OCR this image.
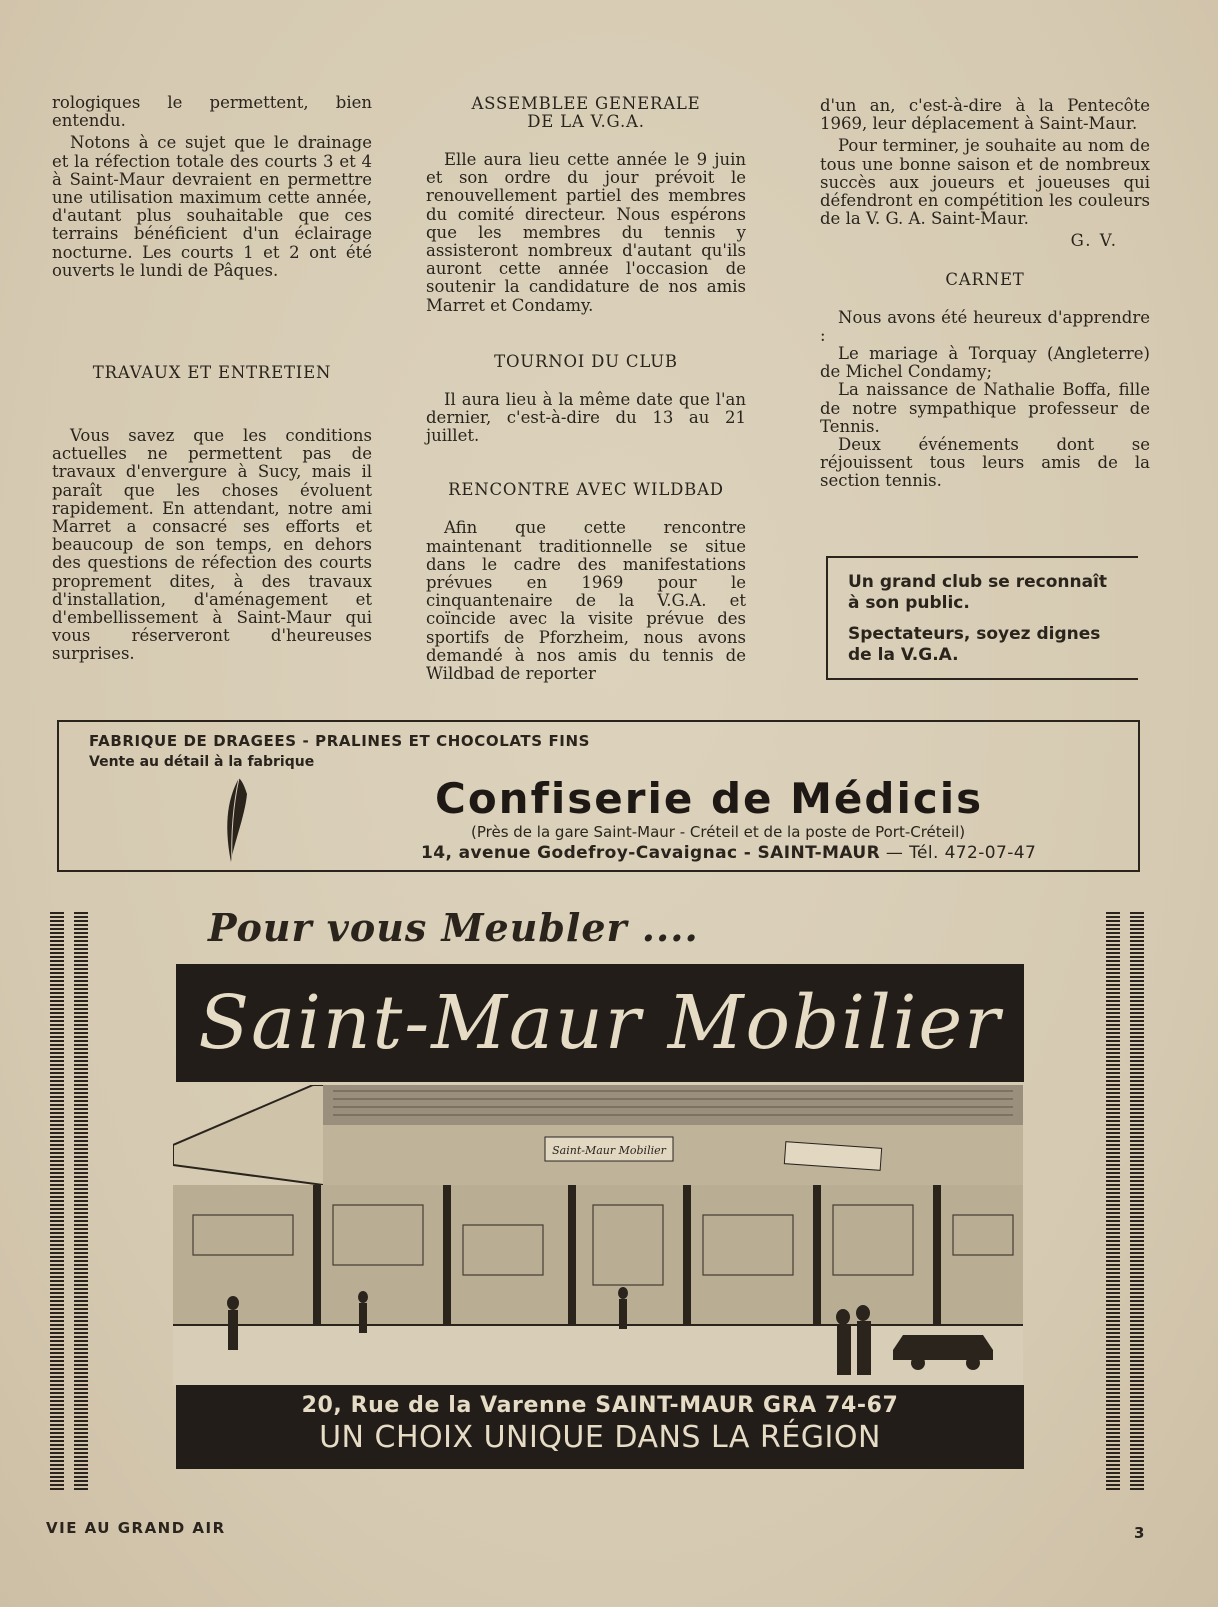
rologiques le permettent, bien entendu.

Notons à ce sujet que le drainage et la réfection totale des courts 3 et 4 à Saint-Maur devraient en permettre une utilisation maximum cette année, d'autant plus souhaitable que ces terrains bénéficient d'un éclairage nocturne. Les courts 1 et 2 ont été ouverts le lundi de Pâques.

TRAVAUX ET ENTRETIEN

Vous savez que les conditions actuelles ne permettent pas de travaux d'envergure à Sucy, mais il paraît que les choses évoluent rapidement. En attendant, notre ami Marret a consacré ses efforts et beaucoup de son temps, en dehors des questions de réfection des courts proprement dites, à des travaux d'installation, d'aménagement et d'embellissement à Saint-Maur qui vous réserveront d'heureuses surprises.

ASSEMBLEE GENERALE
DE LA V.G.A.

Elle aura lieu cette année le 9 juin et son ordre du jour prévoit le renouvellement partiel des membres du comité directeur. Nous espérons que les membres du tennis y assisteront nombreux d'autant qu'ils auront cette année l'occasion de soutenir la candidature de nos amis Marret et Condamy.

TOURNOI DU CLUB

Il aura lieu à la même date que l'an dernier, c'est-à-dire du 13 au 21 juillet.

RENCONTRE AVEC WILDBAD

Afin que cette rencontre maintenant traditionnelle se situe dans le cadre des manifestations prévues en 1969 pour le cinquantenaire de la V.G.A. et coïncide avec la visite prévue des sportifs de Pforzheim, nous avons demandé à nos amis du tennis de Wildbad de reporter

d'un an, c'est-à-dire à la Pentecôte 1969, leur déplacement à Saint-Maur.

Pour terminer, je souhaite au nom de tous une bonne saison et de nombreux succès aux joueurs et joueuses qui défendront en compétition les couleurs de la V. G. A. Saint-Maur.

G. V.
CARNET

Nous avons été heureux d'apprendre :

Le mariage à Torquay (Angleterre) de Michel Condamy;

La naissance de Nathalie Boffa, fille de notre sympathique professeur de Tennis.

Deux événements dont se réjouissent tous leurs amis de la section tennis.

Un grand club se reconnaît
à son public.
Spectateurs, soyez dignes
de la V.G.A.
FABRIQUE DE DRAGEES - PRALINES ET CHOCOLATS FINS
Vente au détail à la fabrique
Confiserie de Médicis
(Près de la gare Saint-Maur - Créteil et de la poste de Port-Créteil)
14, avenue Godefroy-Cavaignac - SAINT-MAUR — Tél. 472-07-47
Pour vous Meubler ....
Saint-Maur Mobilier
Saint-Maur Mobilier
20, Rue de la Varenne SAINT-MAUR GRA 74-67
UN CHOIX UNIQUE DANS LA RÉGION
VIE AU GRAND AIR	3
